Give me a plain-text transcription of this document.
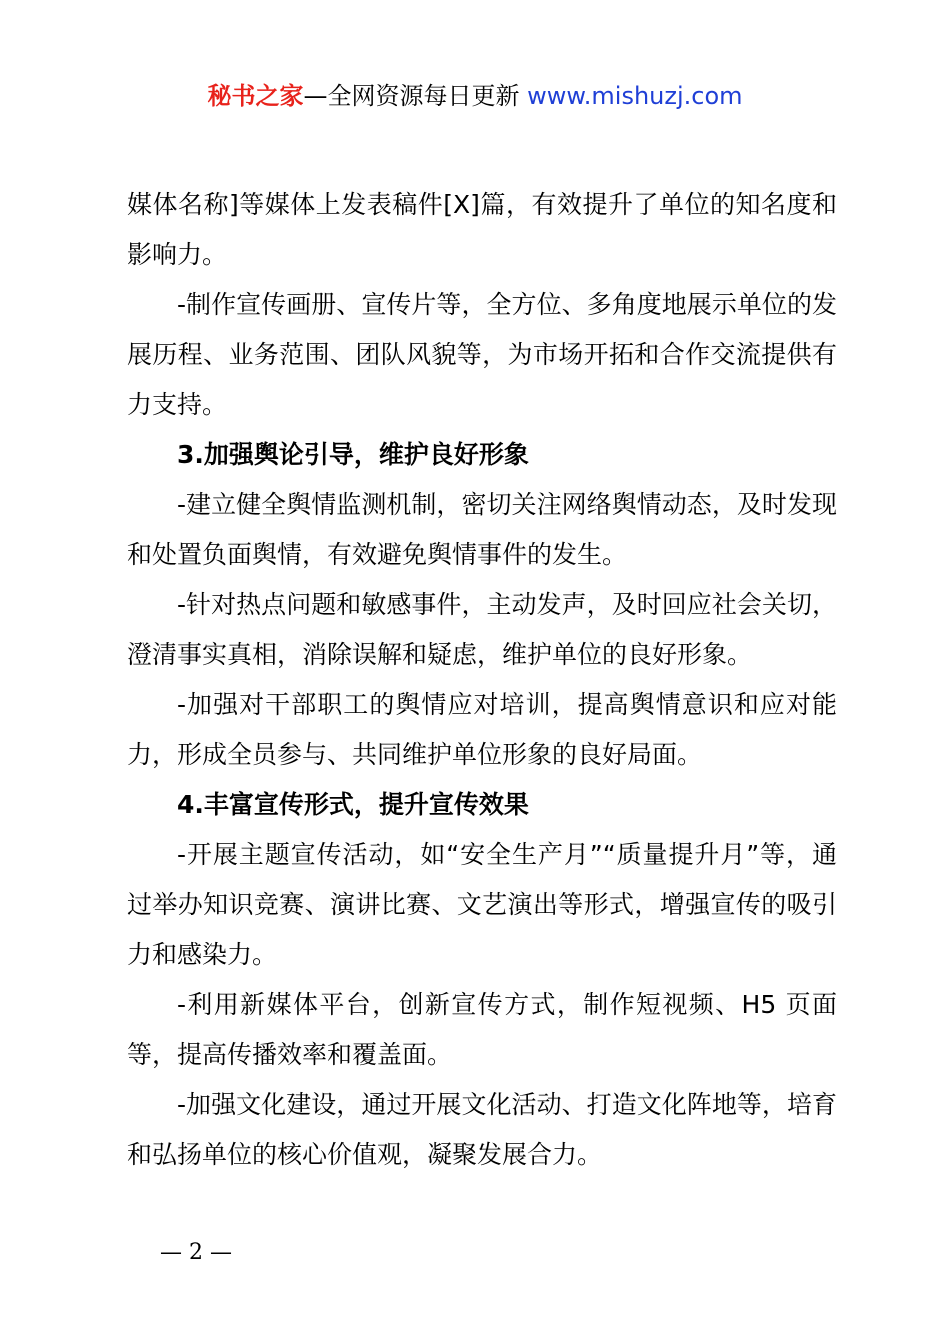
秘书之家—全网资源每日更新 www.mishuzj.com

媒体名称]等媒体上发表稿件[X]篇，有效提升了单位的知名度和影响力。

-制作宣传画册、宣传片等，全方位、多角度地展示单位的发展历程、业务范围、团队风貌等，为市场开拓和合作交流提供有力支持。

3.加强舆论引导，维护良好形象

-建立健全舆情监测机制，密切关注网络舆情动态，及时发现和处置负面舆情，有效避免舆情事件的发生。

-针对热点问题和敏感事件，主动发声，及时回应社会关切，澄清事实真相，消除误解和疑虑，维护单位的良好形象。

-加强对干部职工的舆情应对培训，提高舆情意识和应对能力，形成全员参与、共同维护单位形象的良好局面。

4.丰富宣传形式，提升宣传效果

-开展主题宣传活动，如“安全生产月”“质量提升月”等，通过举办知识竞赛、演讲比赛、文艺演出等形式，增强宣传的吸引力和感染力。

-利用新媒体平台，创新宣传方式，制作短视频、H5 页面等，提高传播效率和覆盖面。

-加强文化建设，通过开展文化活动、打造文化阵地等，培育和弘扬单位的核心价值观，凝聚发展合力。

— 2 —
